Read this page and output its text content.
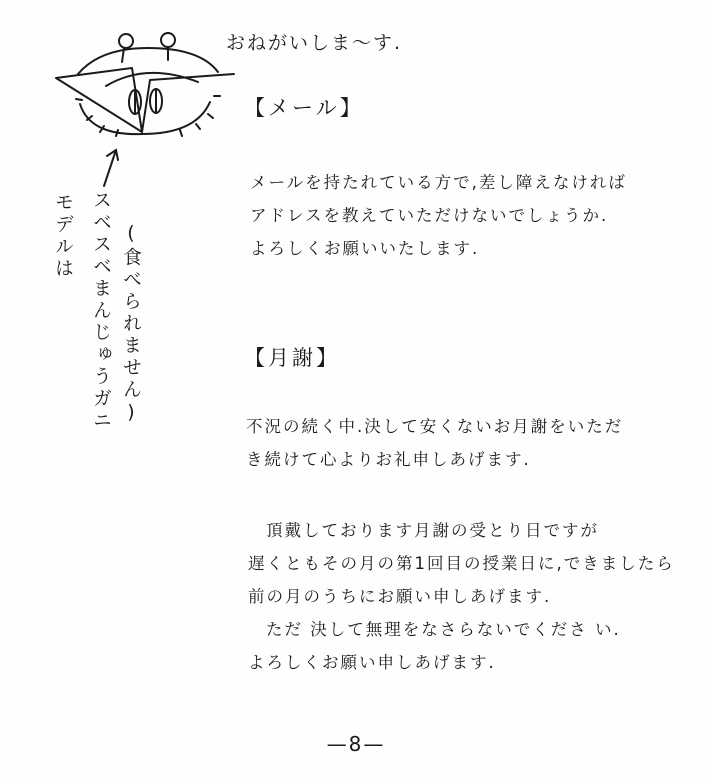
おねがいしま〜す.
モデルは スベスベまんじゅうガニ (食べられません)
【メール】
メールを持たれている方で,差し障えなければ
アドレスを教えていただけないでしょうか.
よろしくお願いいたします.
【月謝】
不況の続く中.決して安くないお月謝をいただ
き続けて心よりお礼申しあげます.
頂戴しております月謝の受とり日ですが
遅くともその月の第1回目の授業日に,できましたら
前の月のうちにお願い申しあげます.
ただ 決して無理をなさらないでくださ い.
よろしくお願い申しあげます.
—8—
